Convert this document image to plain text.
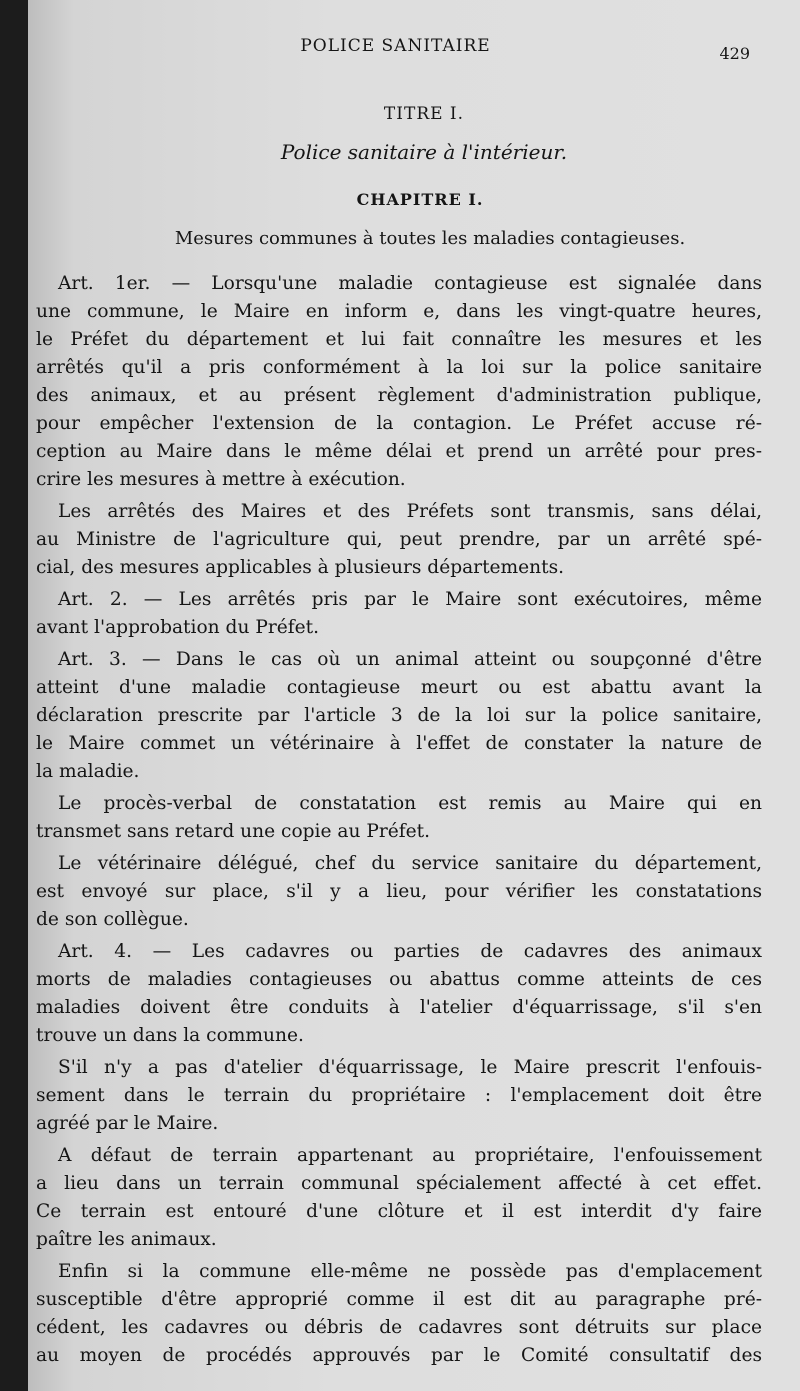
POLICE SANITAIRE	429
TITRE I.
Police sanitaire à l'intérieur.
CHAPITRE I.
Mesures communes à toutes les maladies contagieuses.
Art. 1er. — Lorsqu'une maladie contagieuse est signalée dans
une commune, le Maire en inform e, dans les vingt-quatre heures,
le Préfet du département et lui fait connaître les mesures et les
arrêtés qu'il a pris conformément à la loi sur la police sanitaire
des animaux, et au présent règlement d'administration publique,
pour empêcher l'extension de la contagion. Le Préfet accuse ré-
ception au Maire dans le même délai et prend un arrêté pour pres-
crire les mesures à mettre à exécution.
Les arrêtés des Maires et des Préfets sont transmis, sans délai,
au Ministre de l'agriculture qui, peut prendre, par un arrêté spé-
cial, des mesures applicables à plusieurs départements.
Art. 2. — Les arrêtés pris par le Maire sont exécutoires, même
avant l'approbation du Préfet.
Art. 3. — Dans le cas où un animal atteint ou soupçonné d'être
atteint d'une maladie contagieuse meurt ou est abattu avant la
déclaration prescrite par l'article 3 de la loi sur la police sanitaire,
le Maire commet un vétérinaire à l'effet de constater la nature de
la maladie.
Le procès-verbal de constatation est remis au Maire qui en
transmet sans retard une copie au Préfet.
Le vétérinaire délégué, chef du service sanitaire du département,
est envoyé sur place, s'il y a lieu, pour vérifier les constatations
de son collègue.
Art. 4. — Les cadavres ou parties de cadavres des animaux
morts de maladies contagieuses ou abattus comme atteints de ces
maladies doivent être conduits à l'atelier d'équarrissage, s'il s'en
trouve un dans la commune.
S'il n'y a pas d'atelier d'équarrissage, le Maire prescrit l'enfouis-
sement dans le terrain du propriétaire : l'emplacement doit être
agréé par le Maire.
A défaut de terrain appartenant au propriétaire, l'enfouissement
a lieu dans un terrain communal spécialement affecté à cet effet.
Ce terrain est entouré d'une clôture et il est interdit d'y faire
paître les animaux.
Enfin si la commune elle-même ne possède pas d'emplacement
susceptible d'être approprié comme il est dit au paragraphe pré-
cédent, les cadavres ou débris de cadavres sont détruits sur place
au moyen de procédés approuvés par le Comité consultatif des
